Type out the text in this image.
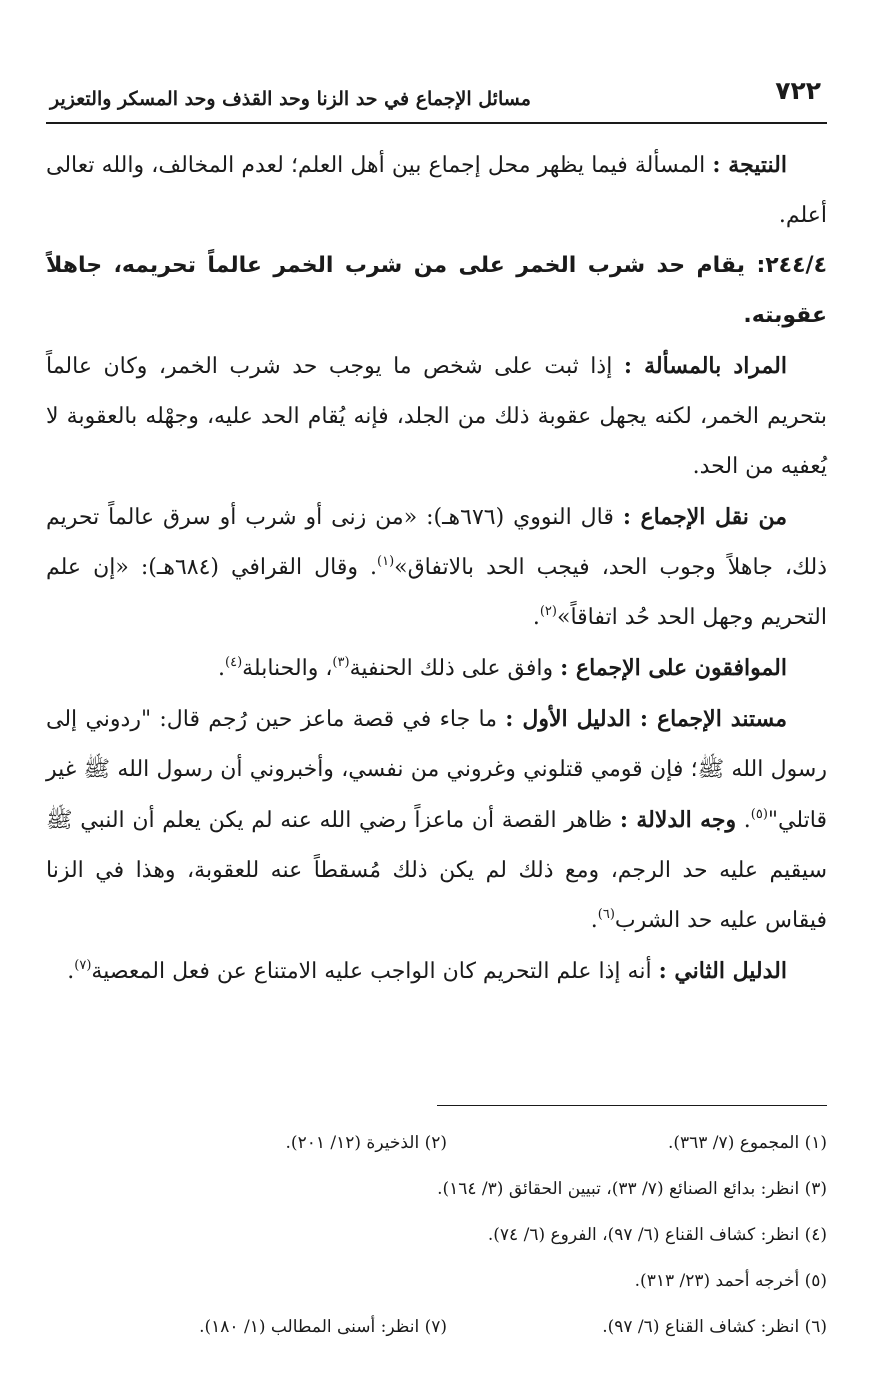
٧٢٢
مسائل الإجماع في حد الزنا وحد القذف وحد المسكر والتعزير

النتيجة : المسألة فيما يظهر محل إجماع بين أهل العلم؛ لعدم المخالف، والله تعالى أعلم.

٢٤٤/٤: يقام حد شرب الخمر على من شرب الخمر عالماً تحريمه، جاهلاً عقوبته.

المراد بالمسألة : إذا ثبت على شخص ما يوجب حد شرب الخمر، وكان عالماً بتحريم الخمر، لكنه يجهل عقوبة ذلك من الجلد، فإنه يُقام الحد عليه، وجهْله بالعقوبة لا يُعفيه من الحد.

من نقل الإجماع : قال النووي (٦٧٦هـ): «من زنى أو شرب أو سرق عالماً تحريم ذلك، جاهلاً وجوب الحد، فيجب الحد بالاتفاق»$^{(١)}$. وقال القرافي (٦٨٤هـ): «إن علم التحريم وجهل الحد حُد اتفاقاً»$^{(٢)}$.

الموافقون على الإجماع : وافق على ذلك الحنفية$^{(٣)}$، والحنابلة$^{(٤)}$.

مستند الإجماع : الدليل الأول : ما جاء في قصة ماعز حين رُجم قال: "ردوني إلى رسول الله ﷺ؛ فإن قومي قتلوني وغروني من نفسي، وأخبروني أن رسول الله ﷺ غير قاتلي"$^{(٥)}$. وجه الدلالة : ظاهر القصة أن ماعزاً رضي الله عنه لم يكن يعلم أن النبي ﷺ سيقيم عليه حد الرجم، ومع ذلك لم يكن ذلك مُسقطاً عنه للعقوبة، وهذا في الزنا فيقاس عليه حد الشرب$^{(٦)}$.

الدليل الثاني : أنه إذا علم التحريم كان الواجب عليه الامتناع عن فعل المعصية$^{(٧)}$.

(١) المجموع (٧/ ٣٦٣).
(٢) الذخيرة (١٢/ ٢٠١).
(٣) انظر: بدائع الصنائع (٧/ ٣٣)، تبيين الحقائق (٣/ ١٦٤).
(٤) انظر: كشاف القناع (٦/ ٩٧)، الفروع (٦/ ٧٤).
(٥) أخرجه أحمد (٢٣/ ٣١٣).
(٦) انظر: كشاف القناع (٦/ ٩٧).
(٧) انظر: أسنى المطالب (١/ ١٨٠).
